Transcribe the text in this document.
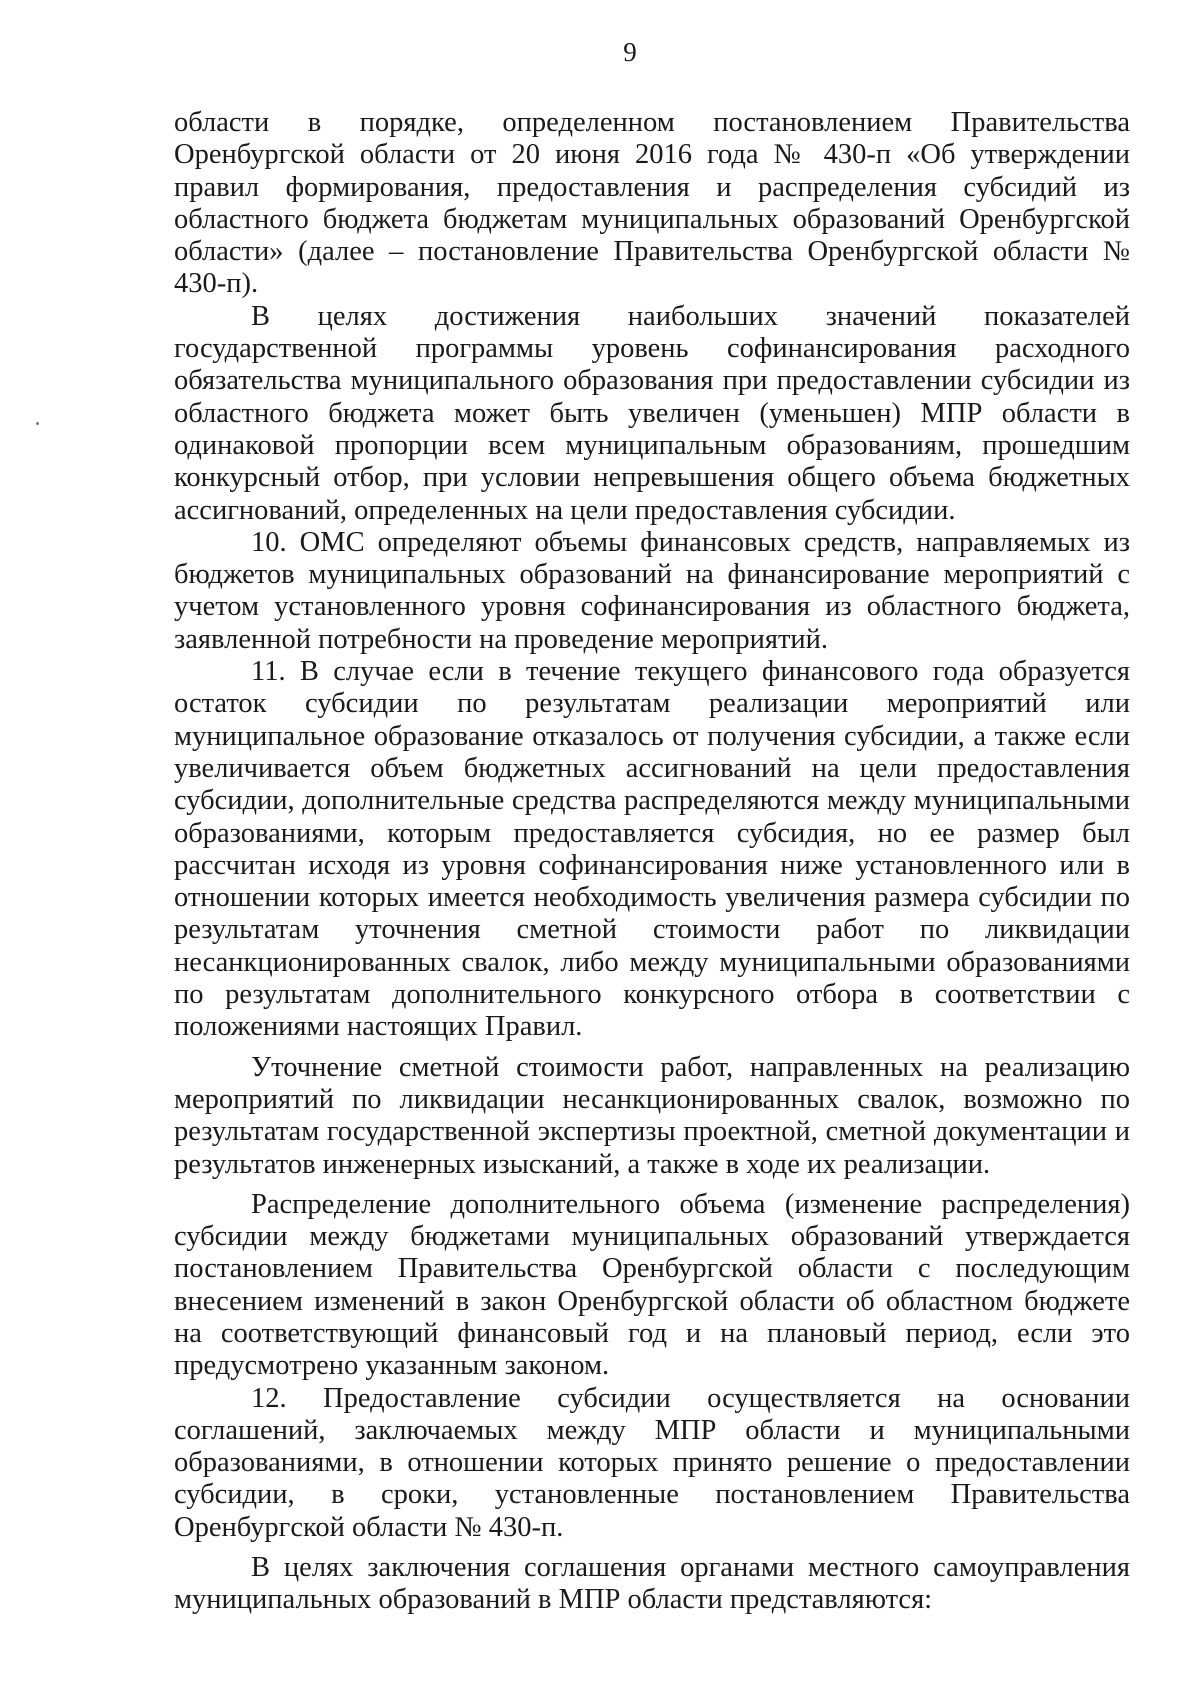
9

области в порядке, определенном постановлением Правительства Оренбургской области от 20 июня 2016 года № 430-п «Об утверждении правил формирования, предоставления и распределения субсидий из областного бюджета бюджетам муниципальных образований Оренбургской области» (далее – постановление Правительства Оренбургской области № 430-п).

В целях достижения наибольших значений показателей государственной программы уровень софинансирования расходного обязательства муниципального образования при предоставлении субсидии из областного бюджета может быть увеличен (уменьшен) МПР области в одинаковой пропорции всем муниципальным образованиям, прошедшим конкурсный отбор, при условии непревышения общего объема бюджетных ассигнований, определенных на цели предоставления субсидии.

10. ОМС определяют объемы финансовых средств, направляемых из бюджетов муниципальных образований на финансирование мероприятий с учетом установленного уровня софинансирования из областного бюджета, заявленной потребности на проведение мероприятий.

11. В случае если в течение текущего финансового года образуется остаток субсидии по результатам реализации мероприятий или муниципальное образование отказалось от получения субсидии, а также если увеличивается объем бюджетных ассигнований на цели предоставления субсидии, дополнительные средства распределяются между муниципальными образованиями, которым предоставляется субсидия, но ее размер был рассчитан исходя из уровня софинансирования ниже установленного или в отношении которых имеется необходимость увеличения размера субсидии по результатам уточнения сметной стоимости работ по ликвидации несанкционированных свалок, либо между муниципальными образованиями по результатам дополнительного конкурсного отбора в соответствии с положениями настоящих Правил.

Уточнение сметной стоимости работ, направленных на реализацию мероприятий по ликвидации несанкционированных свалок, возможно по результатам государственной экспертизы проектной, сметной документации и результатов инженерных изысканий, а также в ходе их реализации.

Распределение дополнительного объема (изменение распределения) субсидии между бюджетами муниципальных образований утверждается постановлением Правительства Оренбургской области с последующим внесением изменений в закон Оренбургской области об областном бюджете на соответствующий финансовый год и на плановый период, если это предусмотрено указанным законом.

12. Предоставление субсидии осуществляется на основании соглашений, заключаемых между МПР области и муниципальными образованиями, в отношении которых принято решение о предоставлении субсидии, в сроки, установленные постановлением Правительства Оренбургской области № 430-п.

В целях заключения соглашения органами местного самоуправления муниципальных образований в МПР области представляются:
